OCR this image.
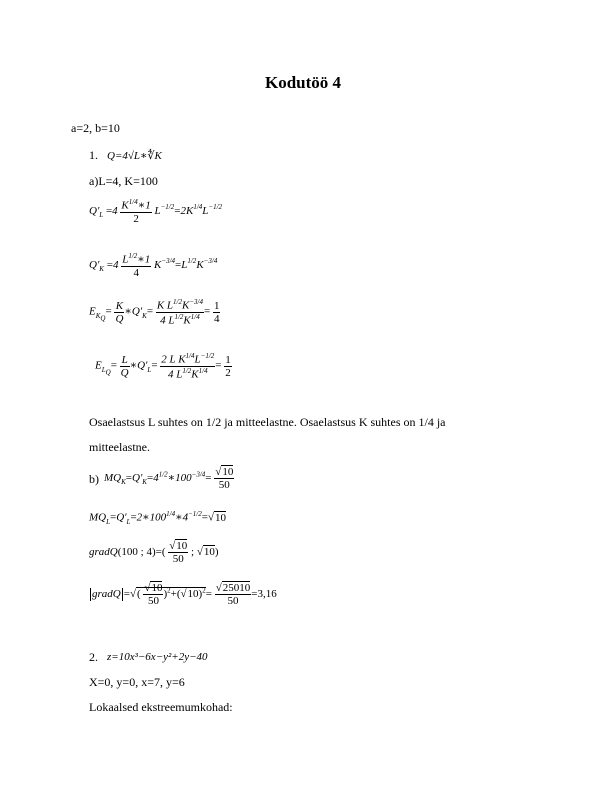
Kodutöö 4
a=2, b=10
1. Q=4√L∗∜K
a)L=4, K=100
$Q'_L =4 \frac{K^{1/4}∗1}{2} L^{-1/2}=2K^{1/4}L^{-1/2}$
$Q'_K =4 \frac{L^{1/2}∗1}{4} K^{-3/4}=L^{1/2}K^{-3/4}$
$E_{K_Q}= \frac{K}{Q}$ $∗Q'_K= \frac{K L^{1/2}K^{-3/4}}{4 L^{1/2}K^{1/4}} = \frac{1}{4}$
$E_{L_Q}= \frac{L}{Q}$ $∗Q'_L= \frac{2 L K^{1/4}L^{-1/2}}{4 L^{1/2}K^{1/4}} = \frac{1}{2}$
Osaelastsus L suhtes on 1/2 ja mitteelastne. Osaelastsus K suhtes on 1/4 ja
mitteelastne.
b) $MQ_K=Q'_K=4^{1/2}∗100^{-3/4}= \frac{√10}{50}$
$MQ_L=Q'_L=2∗100^{1/4}∗4^{-1/2}=√10$
gradQ(100 ; $4)=( \frac{√10}{50}$ ; √10)
gradQ =√( $\frac{√10}{50} )^2+(√10)^2= \frac{√25010}{50} =3,16$
2. z=10x³−6x−y²+2y−40
X=0, y=0, x=7, y=6
Lokaalsed ekstreemumkohad:
